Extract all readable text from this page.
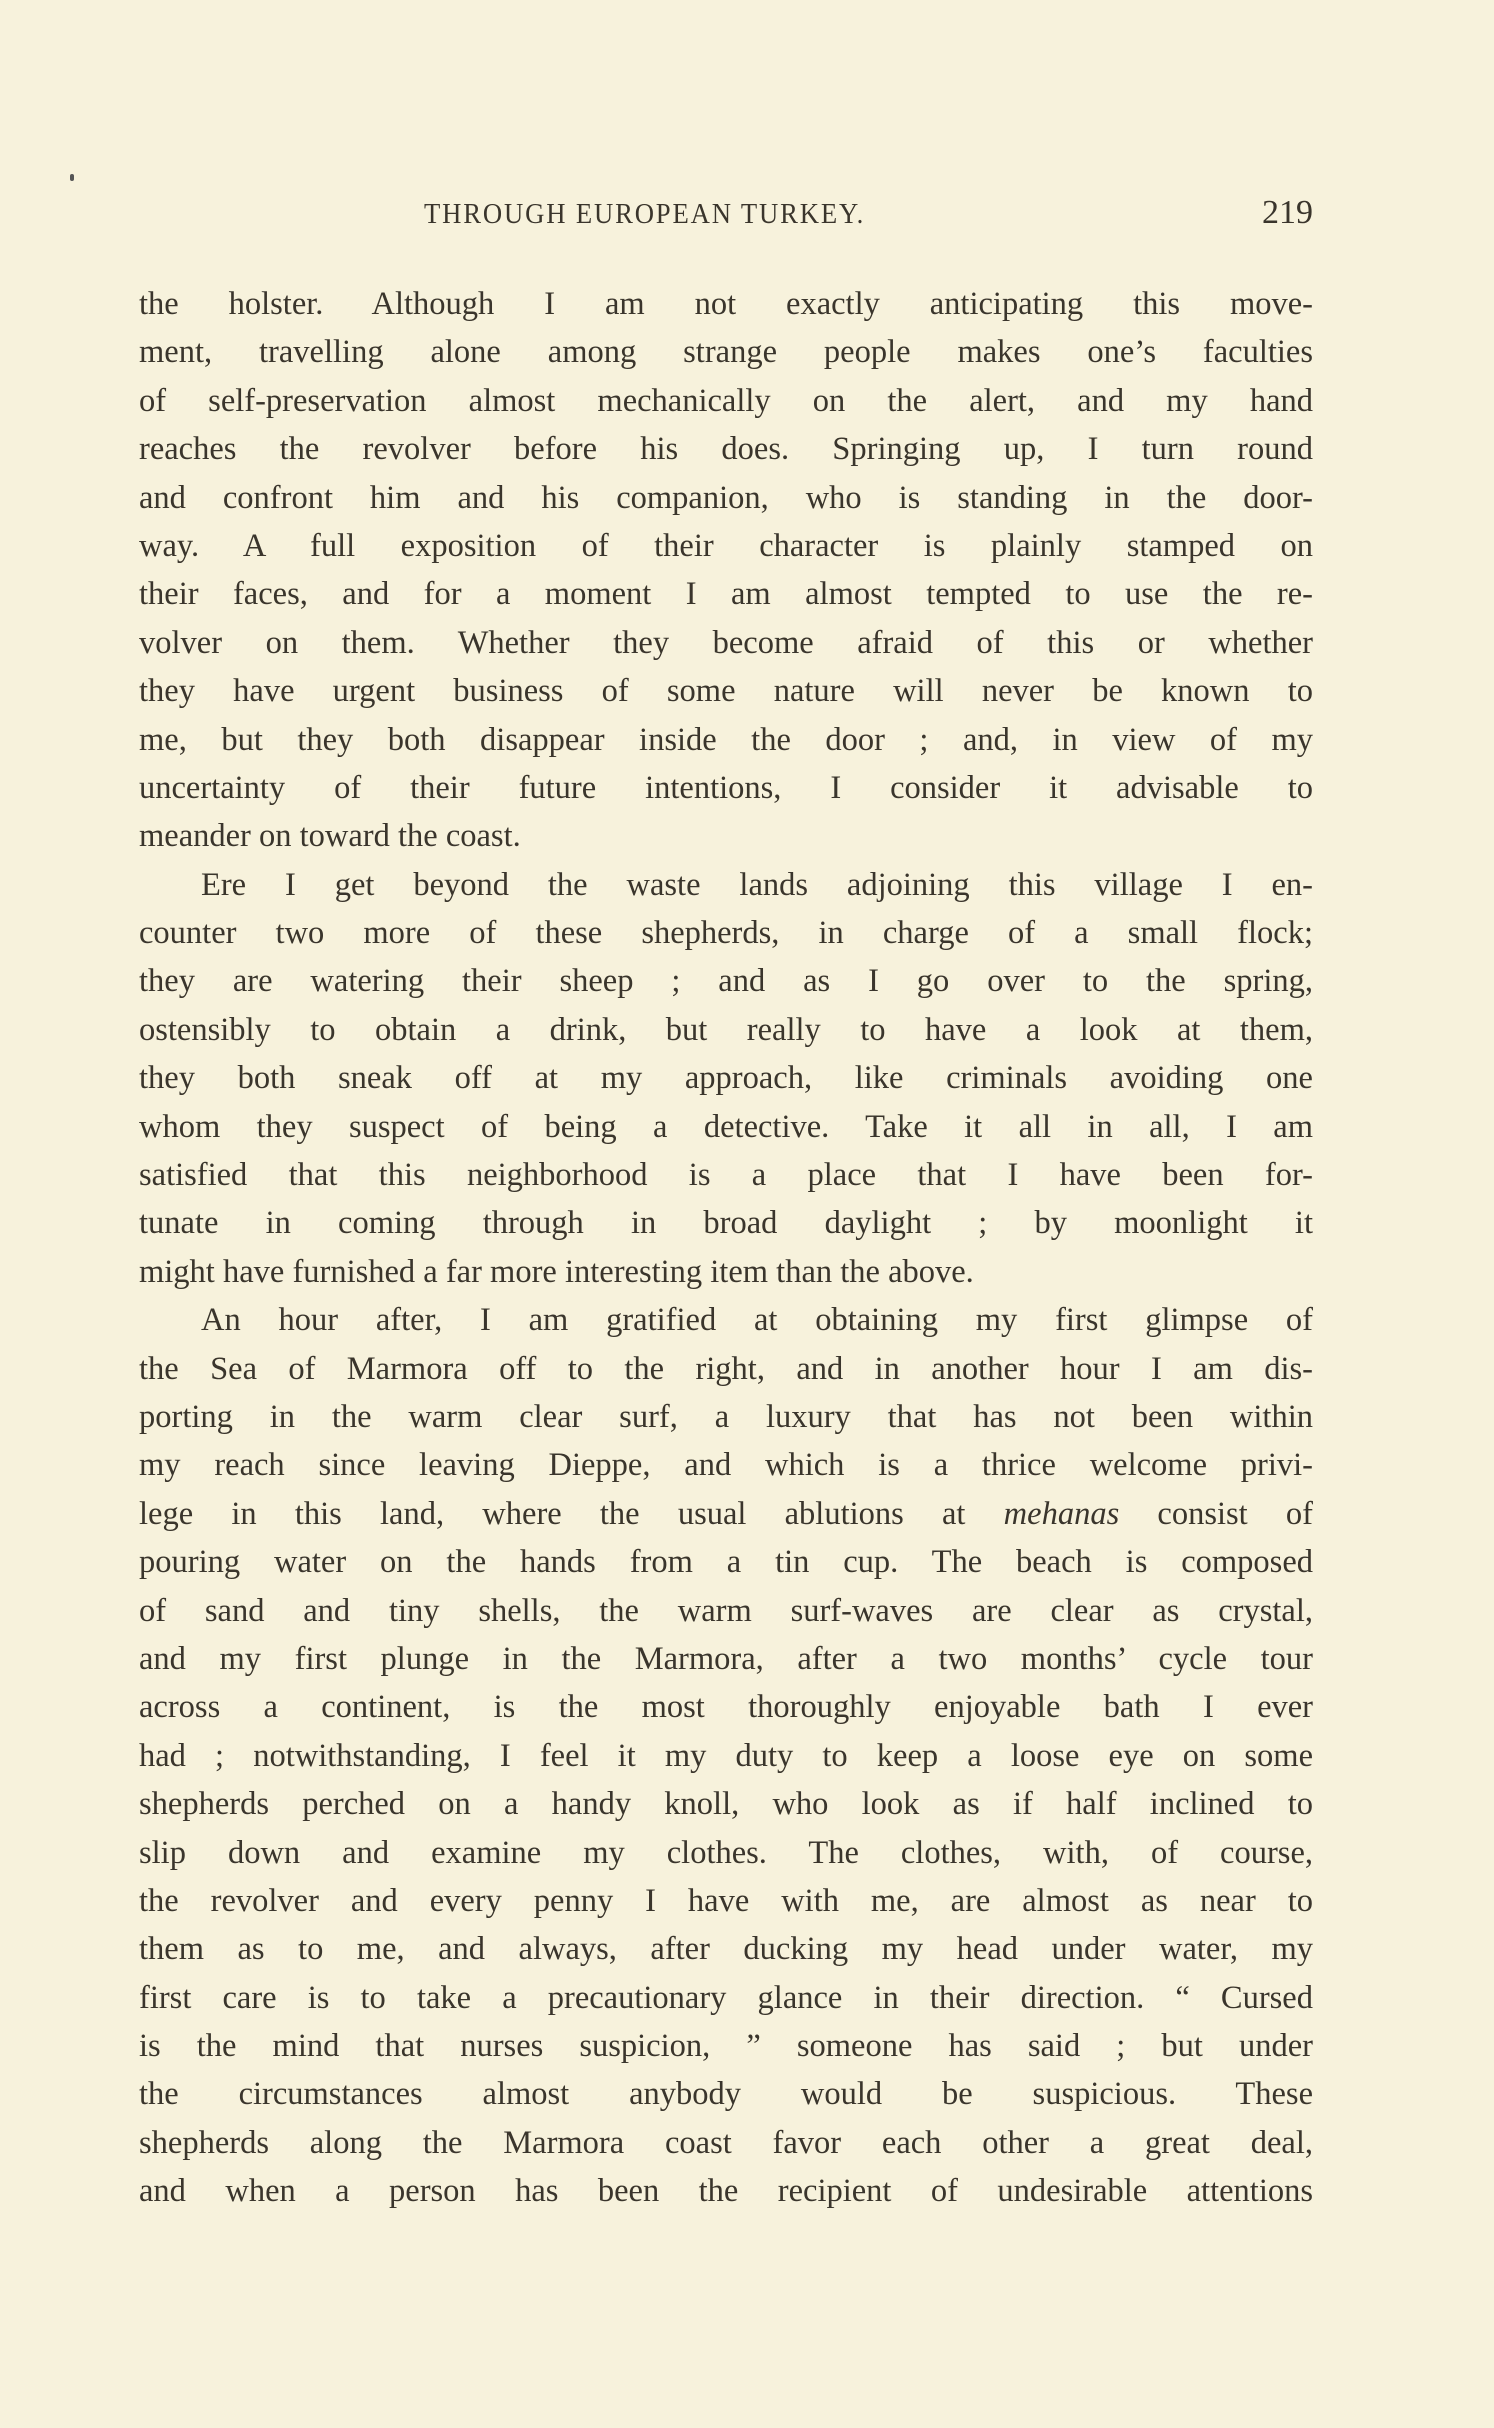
THROUGH EUROPEAN TURKEY.	219
the holster. Although I am not exactly anticipating this move-
ment, travelling alone among strange people makes one’s faculties
of self-preservation almost mechanically on the alert, and my hand
reaches the revolver before his does. Springing up, I turn round
and confront him and his companion, who is standing in the door-
way. A full exposition of their character is plainly stamped on
their faces, and for a moment I am almost tempted to use the re-
volver on them. Whether they become afraid of this or whether
they have urgent business of some nature will never be known to
me, but they both disappear inside the door ; and, in view of my
uncertainty of their future intentions, I consider it advisable to
meander on toward the coast.
Ere I get beyond the waste lands adjoining this village I en-
counter two more of these shepherds, in charge of a small flock;
they are watering their sheep ; and as I go over to the spring,
ostensibly to obtain a drink, but really to have a look at them,
they both sneak off at my approach, like criminals avoiding one
whom they suspect of being a detective. Take it all in all, I am
satisfied that this neighborhood is a place that I have been for-
tunate in coming through in broad daylight ; by moonlight it
might have furnished a far more interesting item than the above.
An hour after, I am gratified at obtaining my first glimpse of
the Sea of Marmora off to the right, and in another hour I am dis-
porting in the warm clear surf, a luxury that has not been within
my reach since leaving Dieppe, and which is a thrice welcome privi-
lege in this land, where the usual ablutions at mehanas consist of
pouring water on the hands from a tin cup. The beach is composed
of sand and tiny shells, the warm surf-waves are clear as crystal,
and my first plunge in the Marmora, after a two months’ cycle tour
across a continent, is the most thoroughly enjoyable bath I ever
had ; notwithstanding, I feel it my duty to keep a loose eye on some
shepherds perched on a handy knoll, who look as if half inclined to
slip down and examine my clothes. The clothes, with, of course,
the revolver and every penny I have with me, are almost as near to
them as to me, and always, after ducking my head under water, my
first care is to take a precautionary glance in their direction. “ Cursed
is the mind that nurses suspicion, ” someone has said ; but under
the circumstances almost anybody would be suspicious. These
shepherds along the Marmora coast favor each other a great deal,
and when a person has been the recipient of undesirable attentions
